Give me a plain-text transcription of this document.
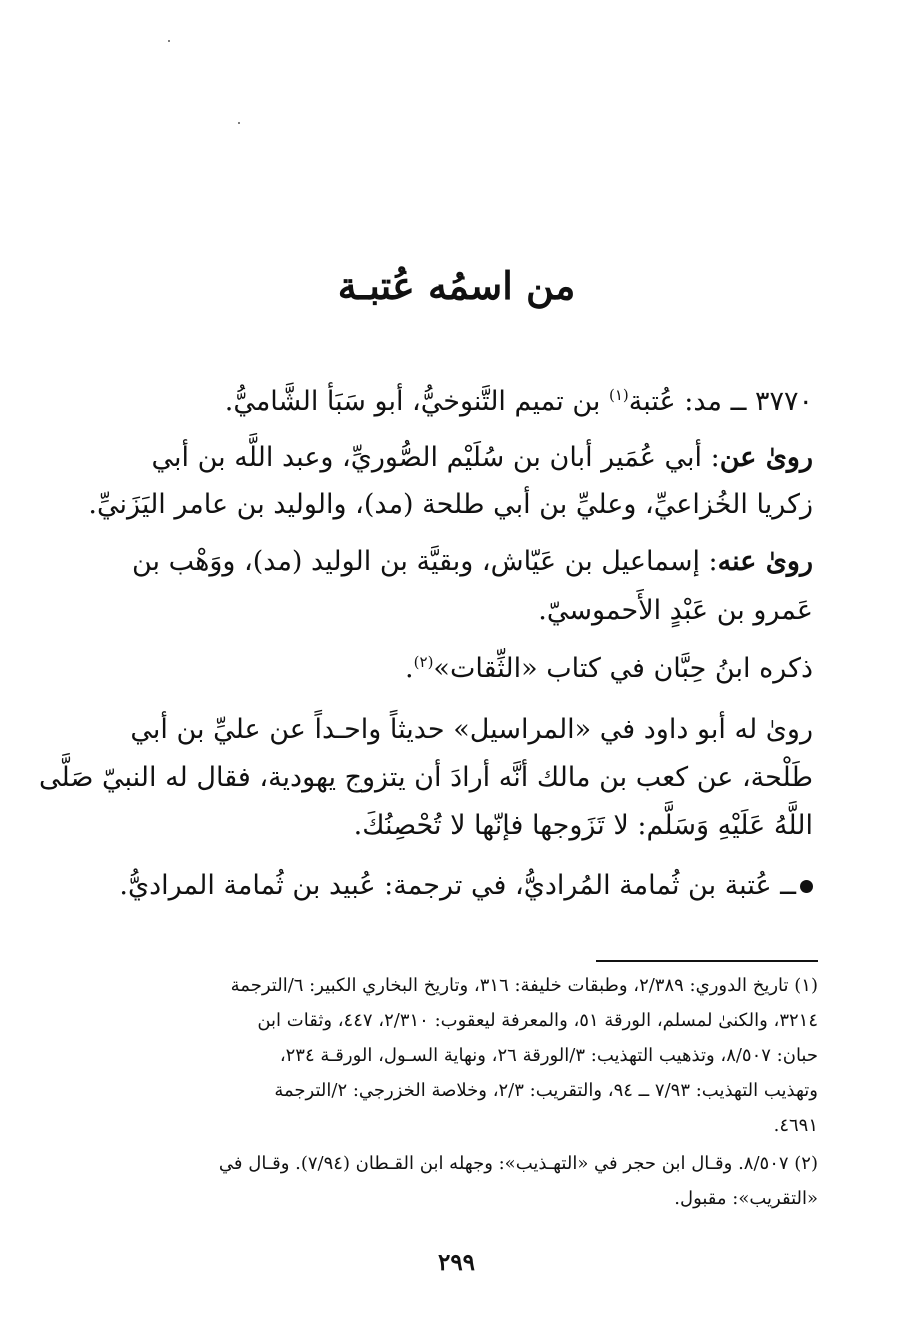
من اسمُه عُتبـة
٣٧٧٠ ــ مد: عُتبة$^{(١)}$ بن تميم التَّنوخيُّ، أبو سَبَأ الشَّاميُّ.
روىٰ عن: أبي عُمَير أبان بن سُلَيْم الصُّوريِّ، وعبد اللَّه بن أبي
زكريا الخُزاعيِّ، وعليِّ بن أبي طلحة (مد)، والوليد بن عامر اليَزَنيِّ.
روىٰ عنه: إسماعيل بن عَيّاش، وبقيَّة بن الوليد (مد)، ووَهْب بن
عَمرو بن عَبْدٍ الأَحموسيّ.
ذكره ابنُ حِبَّان في كتاب «الثِّقات»$^{(٢)}$.
روىٰ له أبو داود في «المراسيل» حديثاً واحـداً عن عليِّ بن أبي
طَلْحة، عن كعب بن مالك أنَّه أرادَ أن يتزوج يهودية، فقال له النبيّ صَلَّى
اللَّهُ عَلَيْهِ وَسَلَّم: لا تَزَوجها فإنّها لا تُحْصِنُكَ.
ــ عُتبة بن ثُمامة المُراديُّ، في ترجمة: عُبيد بن ثُمامة المراديُّ.
(١) تاريخ الدوري: ٢/٣٨٩، وطبقات خليفة: ٣١٦، وتاريخ البخاري الكبير: ٦/الترجمة
٣٢١٤، والكنىٰ لمسلم، الورقة ٥١، والمعرفة ليعقوب: ٢/٣١٠، ٤٤٧، وثقات ابن
حبان: ٨/٥٠٧، وتذهيب التهذيب: ٣/الورقة ٢٦، ونهاية السـول، الورقـة ٢٣٤،
وتهذيب التهذيب: ٧/٩٣ ــ ٩٤، والتقريب: ٢/٣، وخلاصة الخزرجي: ٢/الترجمة
٤٦٩١.
(٢) ٨/٥٠٧. وقـال ابن حجر في «التهـذيب»: وجهله ابن القـطان (٧/٩٤). وقـال في
«التقريب»: مقبول.
٢٩٩
